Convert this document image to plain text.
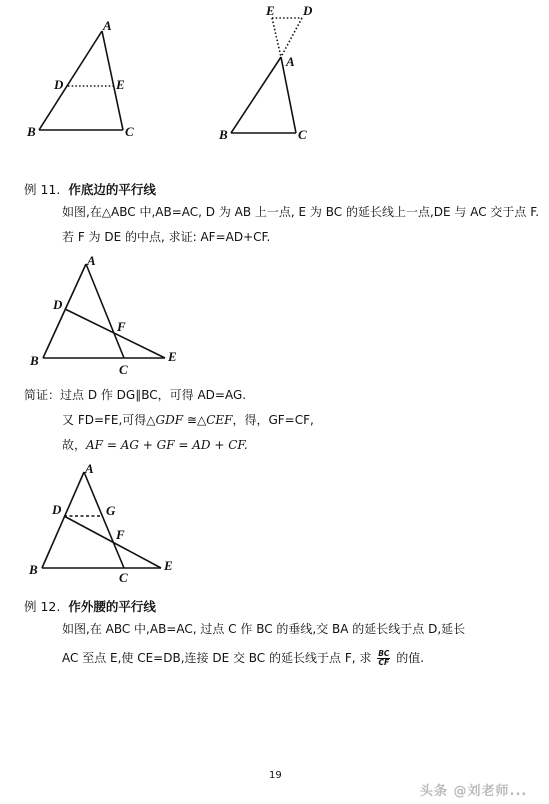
A
D	E
B	C
E D
A
B	C
例 11. 作底边的平行线
如图,在△ABC 中,AB=AC, D 为 AB 上一点, E 为 BC 的延长线上一点,DE 与 AC 交于点 F.
若 F 为 DE 的中点, 求证: AF=AD+CF.
A
D
F
B
C
E
简证：过点 D 作 DG∥BC，可得 AD=AG.
又 FD=FE,可得△GDF ≅△CEF，得，GF=CF,
故，AF = AG + GF = AD + CF.
A
D	G
F
B
C
E
例 12. 作外腰的平行线
如图,在 ABC 中,AB=AC, 过点 C 作 BC 的垂线,交 BA 的延长线于点 D,延长
AC 至点 E,使 CE=DB,连接 DE 交 BC 的延长线于点 F, 求 $\frac{BC}{CF}$ 的值.
19
头条 @刘老师...
